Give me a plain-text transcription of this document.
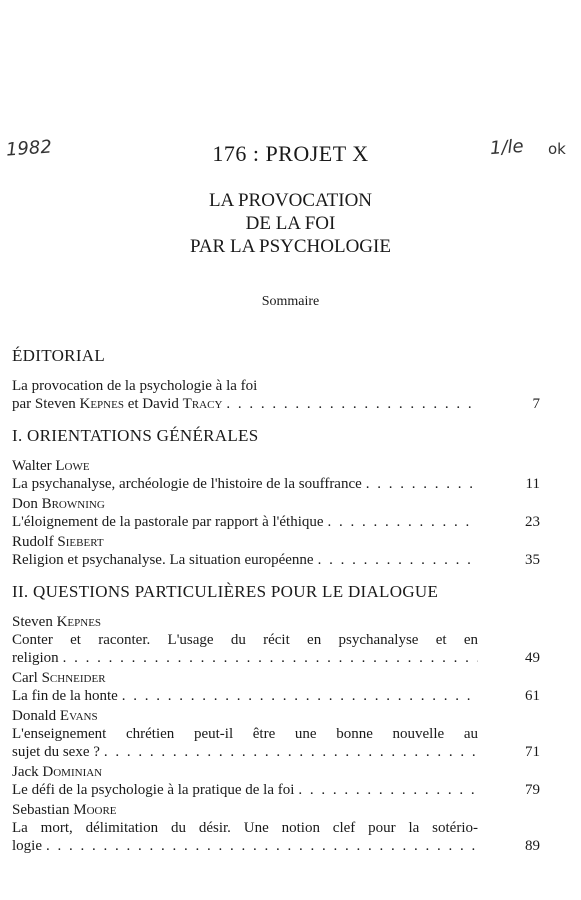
1982	1/le ok
176 : PROJET X
LA PROVOCATION
DE LA FOI
PAR LA PSYCHOLOGIE
Sommaire

ÉDITORIAL

La provocation de la psychologie à la foi

par Steven Kepnes et David Tracy . . .	7

I. ORIENTATIONS GÉNÉRALES

Walter Lowe

La psychanalyse, archéologie de l'histoire de la souffrance . . .	11

Don Browning

L'éloignement de la pastorale par rapport à l'éthique . . .	23

Rudolf Siebert

Religion et psychanalyse. La situation européenne . . .	35

II. QUESTIONS PARTICULIÈRES POUR LE DIALOGUE

Steven Kepnes

Conter et raconter. L'usage du récit en psychanalyse et en

religion . . .	49

Carl Schneider

La fin de la honte . . .	61

Donald Evans

L'enseignement chrétien peut-il être une bonne nouvelle au

sujet du sexe ? . . .	71

Jack Dominian

Le défi de la psychologie à la pratique de la foi . . .	79

Sebastian Moore

La mort, délimitation du désir. Une notion clef pour la sotério-

logie . . .	89
